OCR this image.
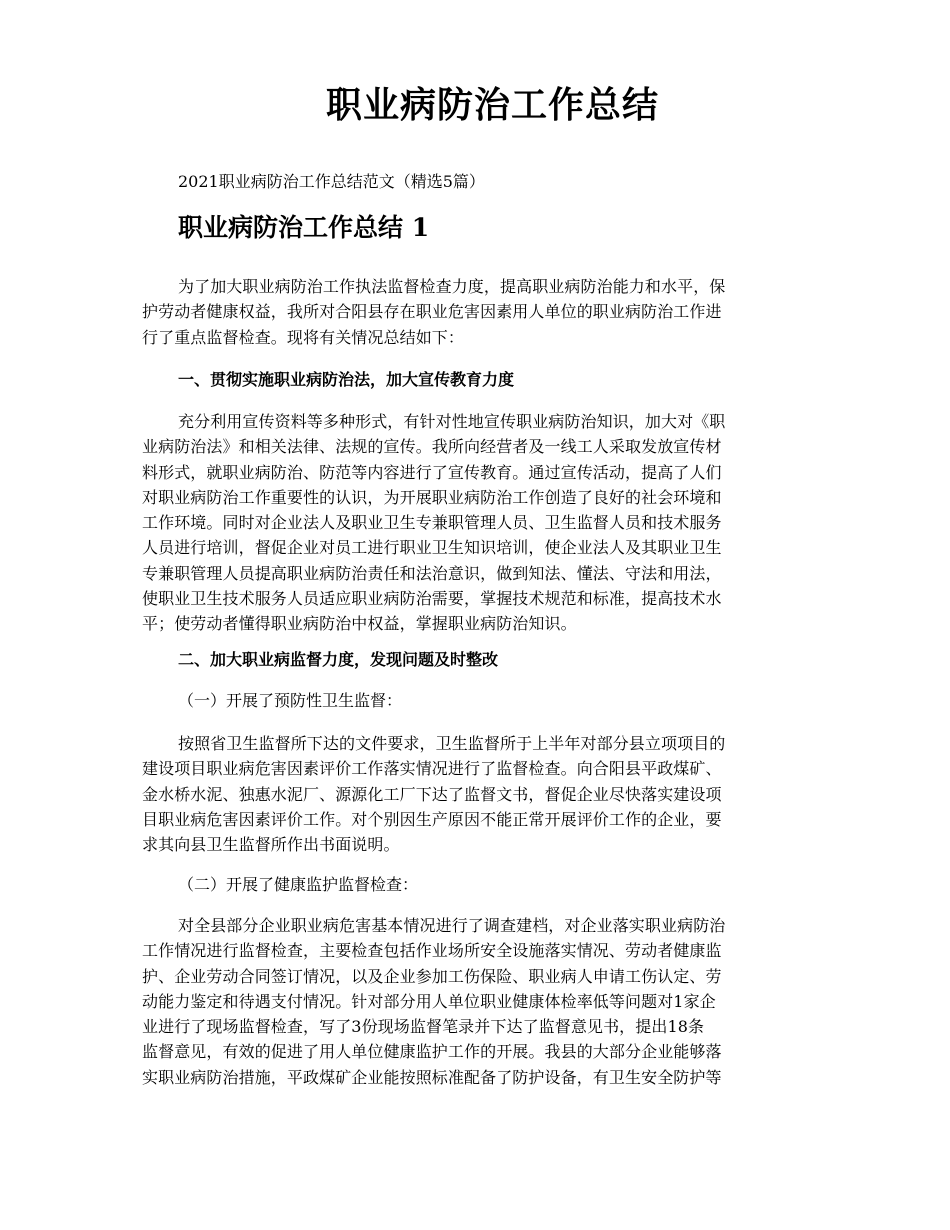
职业病防治工作总结
2021职业病防治工作总结范文（精选5篇）
职业病防治工作总结 1
为了加大职业病防治工作执法监督检查力度，提高职业病防治能力和水平，保
护劳动者健康权益，我所对合阳县存在职业危害因素用人单位的职业病防治工作进
行了重点监督检查。现将有关情况总结如下：
一、贯彻实施职业病防治法，加大宣传教育力度
充分利用宣传资料等多种形式，有针对性地宣传职业病防治知识，加大对《职
业病防治法》和相关法律、法规的宣传。我所向经营者及一线工人采取发放宣传材
料形式，就职业病防治、防范等内容进行了宣传教育。通过宣传活动，提高了人们
对职业病防治工作重要性的认识，为开展职业病防治工作创造了良好的社会环境和
工作环境。同时对企业法人及职业卫生专兼职管理人员、卫生监督人员和技术服务
人员进行培训，督促企业对员工进行职业卫生知识培训，使企业法人及其职业卫生
专兼职管理人员提高职业病防治责任和法治意识，做到知法、懂法、守法和用法，
使职业卫生技术服务人员适应职业病防治需要，掌握技术规范和标准，提高技术水
平；使劳动者懂得职业病防治中权益，掌握职业病防治知识。
二、加大职业病监督力度，发现问题及时整改
（一）开展了预防性卫生监督：
按照省卫生监督所下达的文件要求，卫生监督所于上半年对部分县立项项目的
建设项目职业病危害因素评价工作落实情况进行了监督检查。向合阳县平政煤矿、
金水桥水泥、独惠水泥厂、源源化工厂下达了监督文书，督促企业尽快落实建设项
目职业病危害因素评价工作。对个别因生产原因不能正常开展评价工作的企业，要
求其向县卫生监督所作出书面说明。
（二）开展了健康监护监督检查：
对全县部分企业职业病危害基本情况进行了调查建档，对企业落实职业病防治
工作情况进行监督检查，主要检查包括作业场所安全设施落实情况、劳动者健康监
护、企业劳动合同签订情况，以及企业参加工伤保险、职业病人申请工伤认定、劳
动能力鉴定和待遇支付情况。针对部分用人单位职业健康体检率低等问题对1家企
业进行了现场监督检查，写了3份现场监督笔录并下达了监督意见书，提出18条
监督意见，有效的促进了用人单位健康监护工作的开展。我县的大部分企业能够落
实职业病防治措施，平政煤矿企业能按照标准配备了防护设备，有卫生安全防护等
